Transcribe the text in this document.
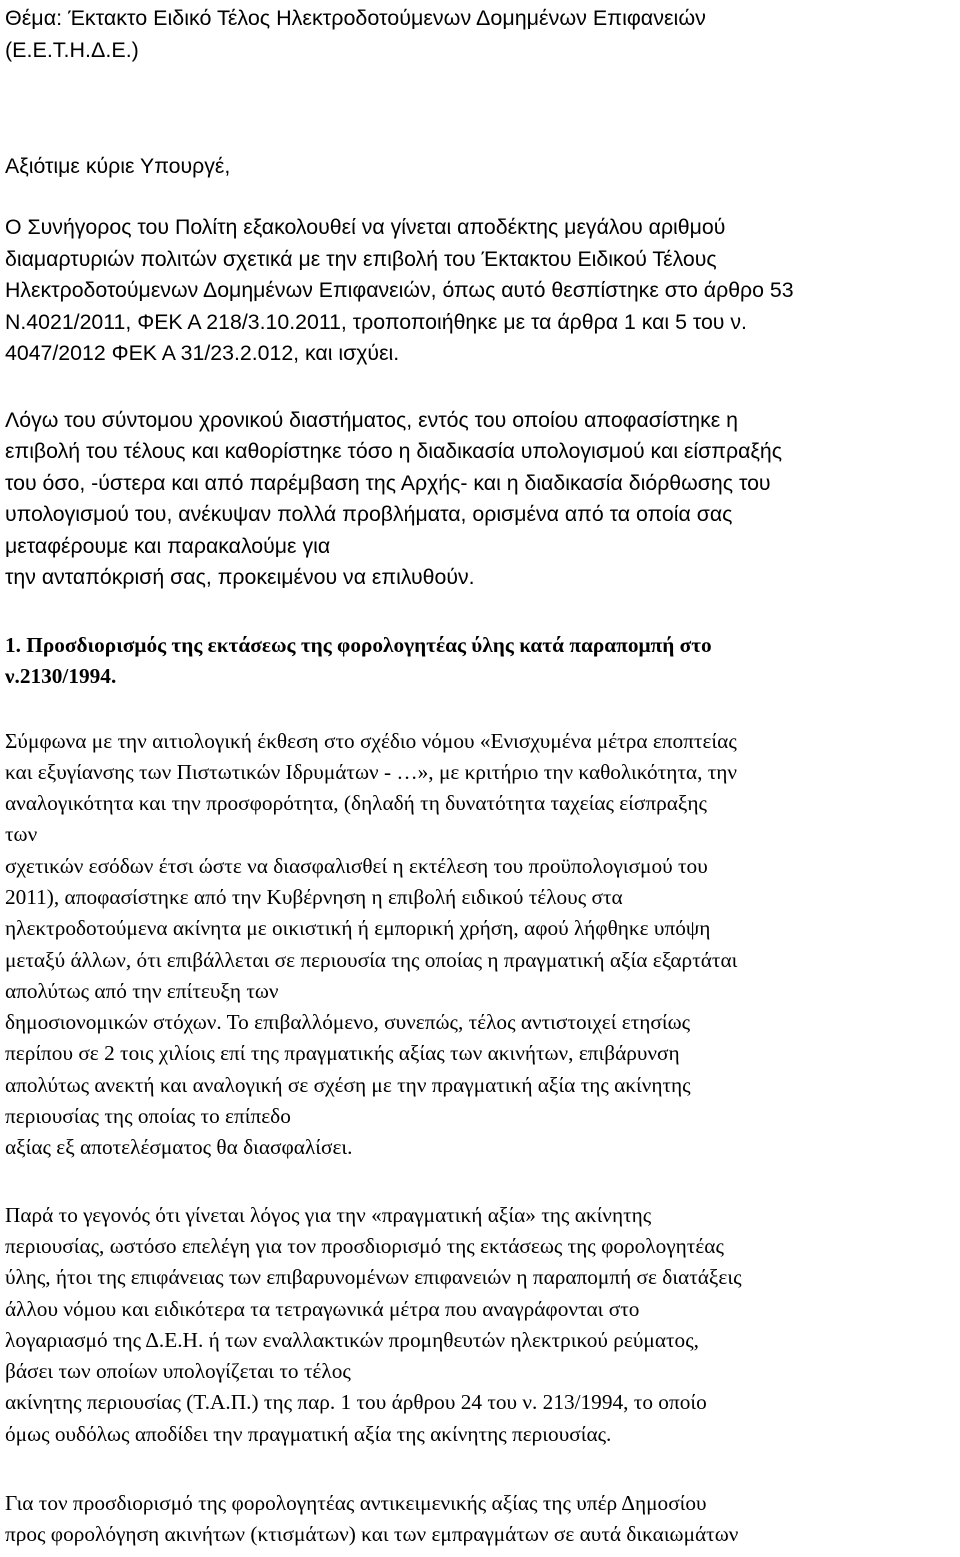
Θέμα: Έκτακτο Ειδικό Τέλος Ηλεκτροδοτούμενων Δομημένων Επιφανειών
(Ε.Ε.Τ.Η.Δ.Ε.)
Αξιότιμε κύριε Υπουργέ,
Ο Συνήγορος του Πολίτη εξακολουθεί να γίνεται αποδέκτης μεγάλου αριθμού
διαμαρτυριών πολιτών σχετικά με την επιβολή του Έκτακτου Ειδικού Τέλους
Ηλεκτροδοτούμενων Δομημένων Επιφανειών, όπως αυτό θεσπίστηκε στο άρθρο 53
Ν.4021/2011, ΦΕΚ Α 218/3.10.2011, τροποποιήθηκε με τα άρθρα 1 και 5 του ν.
4047/2012 ΦΕΚ Α 31/23.2.012, και ισχύει.
Λόγω του σύντομου χρονικού διαστήματος, εντός του οποίου αποφασίστηκε η
επιβολή του τέλους και καθορίστηκε τόσο η διαδικασία υπολογισμού και είσπραξής
του όσο, -ύστερα και από παρέμβαση της Αρχής- και η διαδικασία διόρθωσης του
υπολογισμού του, ανέκυψαν πολλά προβλήματα, ορισμένα από τα οποία σας
μεταφέρουμε και παρακαλούμε για
την ανταπόκρισή σας, προκειμένου να επιλυθούν.
1. Προσδιορισμός της εκτάσεως της φορολογητέας ύλης κατά παραπομπή στο
ν.2130/1994.
Σύμφωνα με την αιτιολογική έκθεση στο σχέδιο νόμου «Ενισχυμένα μέτρα εποπτείας
και εξυγίανσης των Πιστωτικών Ιδρυμάτων - …», με κριτήριο την καθολικότητα, την
αναλογικότητα και την προσφορότητα, (δηλαδή τη δυνατότητα ταχείας είσπραξης
των
σχετικών εσόδων έτσι ώστε να διασφαλισθεί η εκτέλεση του προϋπολογισμού του
2011), αποφασίστηκε από την Κυβέρνηση η επιβολή ειδικού τέλους στα
ηλεκτροδοτούμενα ακίνητα με οικιστική ή εμπορική χρήση, αφού λήφθηκε υπόψη
μεταξύ άλλων, ότι επιβάλλεται σε περιουσία της οποίας η πραγματική αξία εξαρτάται
απολύτως από την επίτευξη των
δημοσιονομικών στόχων. Το επιβαλλόμενο, συνεπώς, τέλος αντιστοιχεί ετησίως
περίπου σε 2 τοις χιλίοις επί της πραγματικής αξίας των ακινήτων, επιβάρυνση
απολύτως ανεκτή και αναλογική σε σχέση με την πραγματική αξία της ακίνητης
περιουσίας της οποίας το επίπεδο
αξίας εξ αποτελέσματος θα διασφαλίσει.
Παρά το γεγονός ότι γίνεται λόγος για την «πραγματική αξία» της ακίνητης
περιουσίας, ωστόσο επελέγη για τον προσδιορισμό της εκτάσεως της φορολογητέας
ύλης, ήτοι της επιφάνειας των επιβαρυνομένων επιφανειών η παραπομπή σε διατάξεις
άλλου νόμου και ειδικότερα τα τετραγωνικά μέτρα που αναγράφονται στο
λογαριασμό της Δ.Ε.Η. ή των εναλλακτικών προμηθευτών ηλεκτρικού ρεύματος,
βάσει των οποίων υπολογίζεται το τέλος
ακίνητης περιουσίας (Τ.Α.Π.) της παρ. 1 του άρθρου 24 του ν. 213/1994, το οποίο
όμως ουδόλως αποδίδει την πραγματική αξία της ακίνητης περιουσίας.
Για τον προσδιορισμό της φορολογητέας αντικειμενικής αξίας της υπέρ Δημοσίου
προς φορολόγηση ακινήτων (κτισμάτων) και των εμπραγμάτων σε αυτά δικαιωμάτων
